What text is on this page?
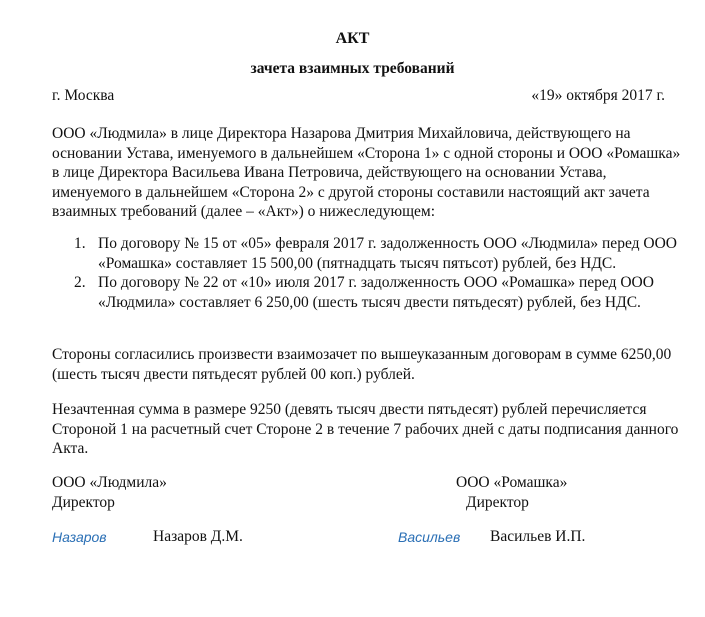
АКТ
зачета взаимных требований
г. Москва	«19» октября 2017 г.

ООО «Людмила» в лице Директора Назарова Дмитрия Михайловича, действующего на основании Устава, именуемого в дальнейшем «Сторона 1» с одной стороны и ООО «Ромашка» в лице Директора Васильева Ивана Петровича, действующего на основании Устава, именуемого в дальнейшем «Сторона 2» с другой стороны составили настоящий акт зачета взаимных требований (далее – «Акт») о нижеследующем:

1. По договору № 15 от «05» февраля 2017 г. задолженность ООО «Людмила» перед ООО «Ромашка» составляет 15 500,00 (пятнадцать тысяч пятьсот) рублей, без НДС.
2. По договору № 22 от «10» июля 2017 г. задолженность ООО «Ромашка» перед ООО «Людмила» составляет 6 250,00 (шесть тысяч двести пятьдесят) рублей, без НДС.

Стороны согласились произвести взаимозачет по вышеуказанным договорам в сумме 6250,00 (шесть тысяч двести пятьдесят рублей 00 коп.) рублей.

Незачтенная сумма в размере 9250 (девять тысяч двести пятьдесят) рублей перечисляется Стороной 1 на расчетный счет Стороне 2 в течение 7 рабочих дней с даты подписания данного Акта.

ООО «Людмила»
Директор
ООО «Ромашка»
Директор
Назаров	Назаров Д.М.	Васильев Васильев И.П.
